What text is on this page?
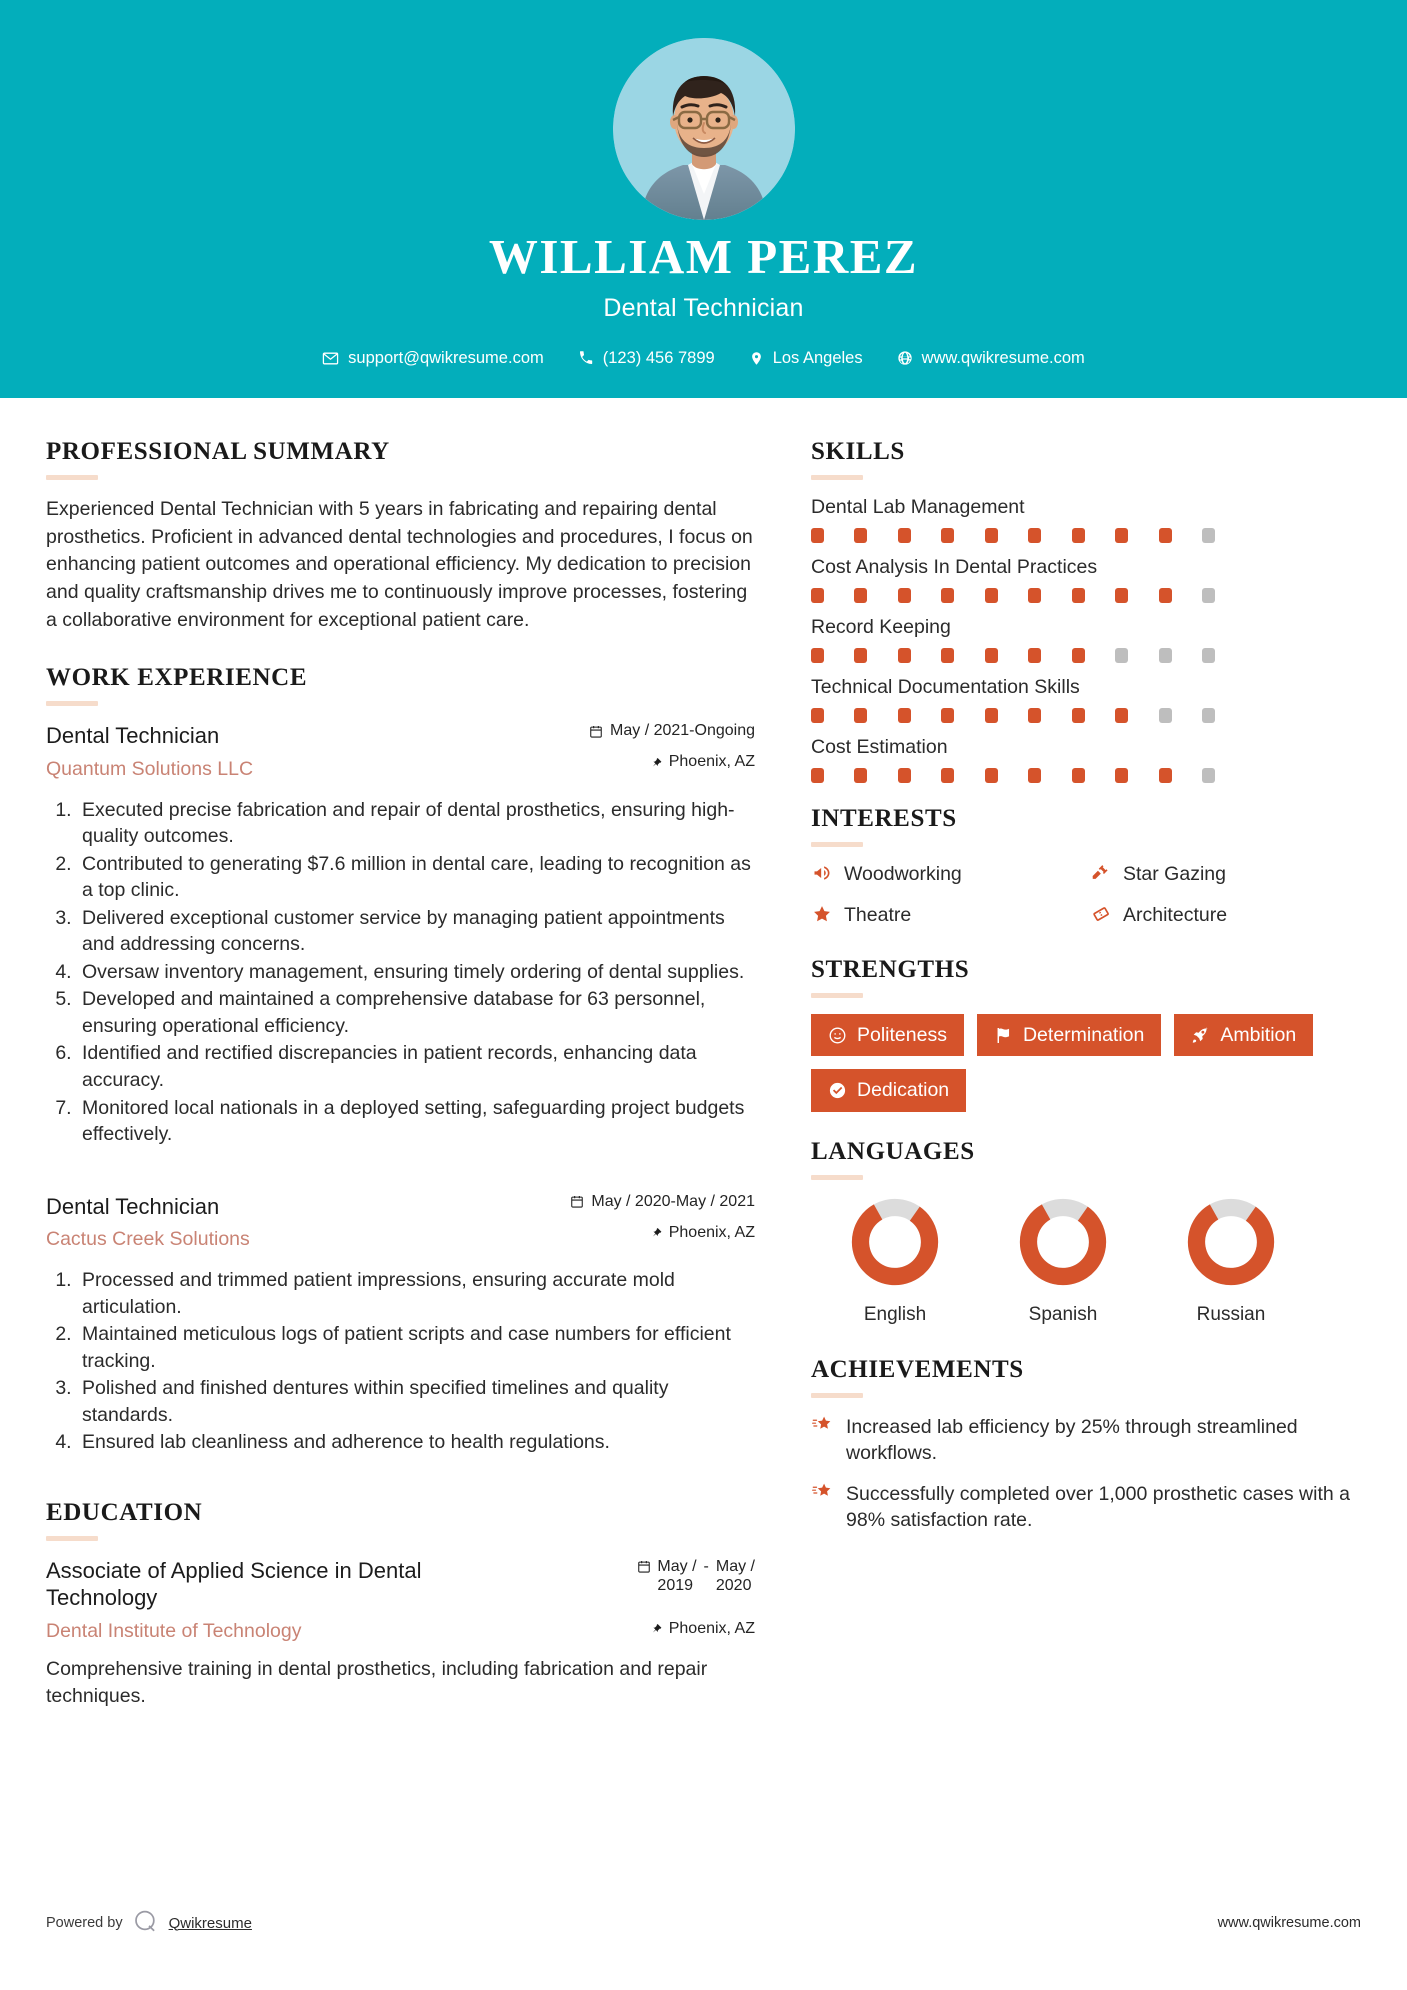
WILLIAM PEREZ
Dental Technician
support@qwikresume.com	(123) 456 7899	Los Angeles	www.qwikresume.com
PROFESSIONAL SUMMARY

Experienced Dental Technician with 5 years in fabricating and repairing dental prosthetics. Proficient in advanced dental technologies and procedures, I focus on enhancing patient outcomes and operational efficiency. My dedication to precision and quality craftsmanship drives me to continuously improve processes, fostering a collaborative environment for exceptional patient care.

WORK EXPERIENCE
Dental Technician
Quantum Solutions LLC
May / 2021-Ongoing
Phoenix, AZ
1. Executed precise fabrication and repair of dental prosthetics, ensuring high-quality outcomes.
2. Contributed to generating $7.6 million in dental care, leading to recognition as a top clinic.
3. Delivered exceptional customer service by managing patient appointments and addressing concerns.
4. Oversaw inventory management, ensuring timely ordering of dental supplies.
5. Developed and maintained a comprehensive database for 63 personnel, ensuring operational efficiency.
6. Identified and rectified discrepancies in patient records, enhancing data accuracy.
7. Monitored local nationals in a deployed setting, safeguarding project budgets effectively.
Dental Technician
Cactus Creek Solutions
May / 2020-May / 2021
Phoenix, AZ
1. Processed and trimmed patient impressions, ensuring accurate mold articulation.
2. Maintained meticulous logs of patient scripts and case numbers for efficient tracking.
3. Polished and finished dentures within specified timelines and quality standards.
4. Ensured lab cleanliness and adherence to health regulations.
EDUCATION
Associate of Applied Science in Dental Technology
Dental Institute of Technology
May /
2019
- May /
2020
Phoenix, AZ

Comprehensive training in dental prosthetics, including fabrication and repair techniques.

SKILLS
Dental Lab Management
Cost Analysis In Dental Practices
Record Keeping
Technical Documentation Skills
Cost Estimation
INTERESTS
Woodworking	Star Gazing
Theatre	Architecture
STRENGTHS
Politeness	Determination	Ambition
Dedication
LANGUAGES
English	Spanish	Russian
ACHIEVEMENTS
Increased lab efficiency by 25% through streamlined workflows.
Successfully completed over 1,000 prosthetic cases with a 98% satisfaction rate.
Powered by	Qwikresume	www.qwikresume.com
